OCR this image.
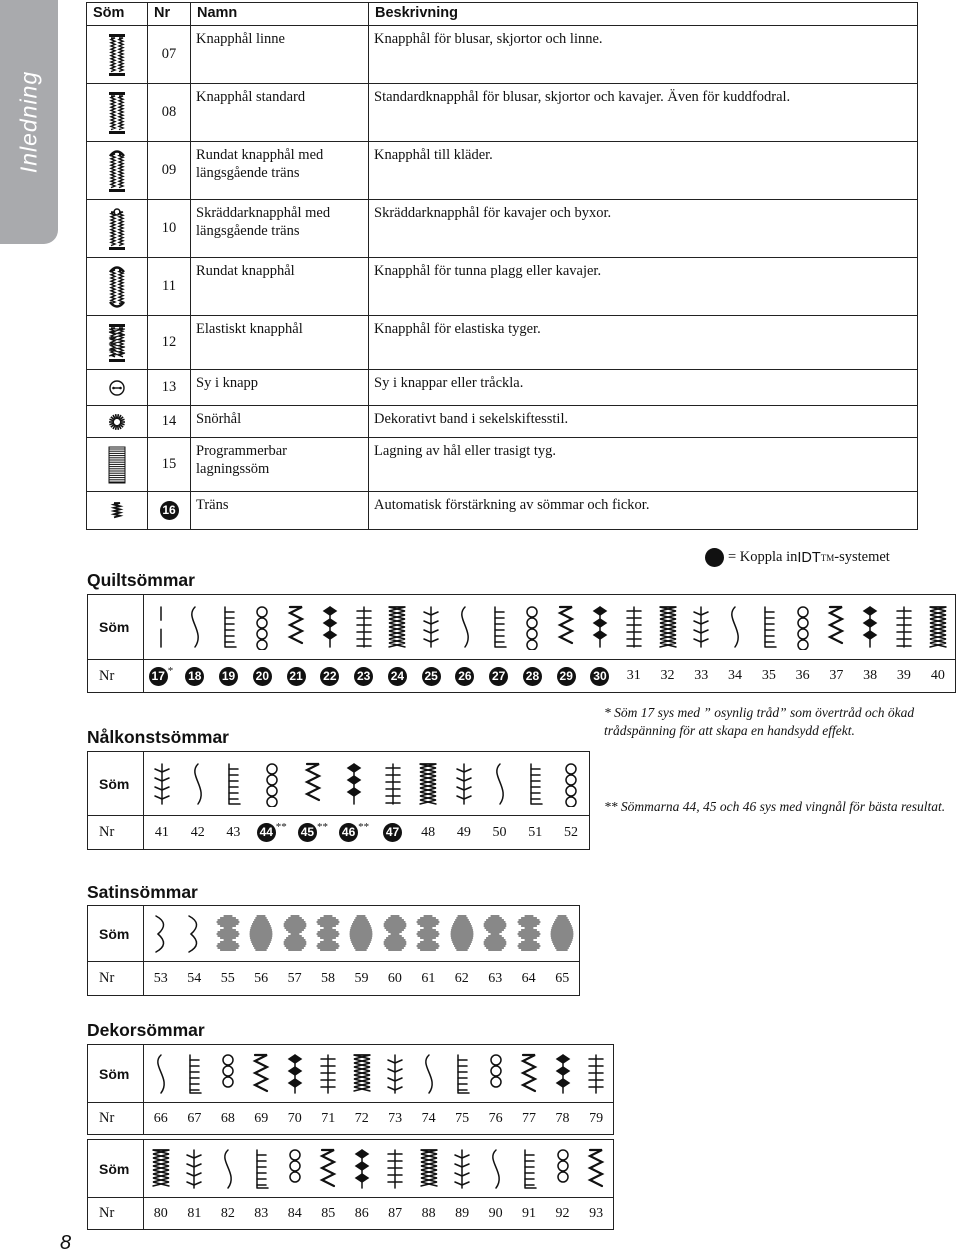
Inledning
8
Söm	Nr	Namn	Beskrivning

	07	Knapphål linne	Knapphål för blusar, skjortor och linne.

	08	Knapphål standard	Standardknapphål för blusar, skjortor och kavajer. Även för kuddfodral.

	09	Rundat knapphål med längsgående träns	Knapphål till kläder.

	10	Skräddarknapphål med längsgående träns	Skräddarknapphål för kavajer och byxor.

	11	Rundat knapphål	Knapphål för tunna plagg eller kavajer.

	12	Elastiskt knapphål	Knapphål för elastiska tyger.

	13	Sy i knapp	Sy i knappar eller tråckla.

	14	Snörhål	Dekorativt band i sekelskiftesstil.

	15	Programmerbar lagningssöm	Lagning av hål eller trasigt tyg.

	16	Träns	Automatisk förstärkning av sömmar och fickor.
Quiltsömmar
= Koppla in IDT TM -systemet
Söm	

Nr	17 *	18	19	20	21	22	23	24	25	26	27	28	29	30	31	32	33	34	35	36	37	38	39	40
Nålkonstsömmar
Söm	

Nr	41	42	43	44 **	45 **	46 **	47	48	49	50	51	52
* Söm 17 sys med ” osynlig tråd” som övertråd och ökad trådspänning för att skapa en handsydd effekt.
** Sömmarna 44, 45 och 46 sys med vingnål för bästa resultat.
Satinsömmar
Söm	

Nr	53	54	55	56	57	58	59	60	61	62	63	64	65
Dekorsömmar
Söm	

Nr	66	67	68	69	70	71	72	73	74	75	76	77	78	79
Söm	

Nr	80	81	82	83	84	85	86	87	88	89	90	91	92	93
